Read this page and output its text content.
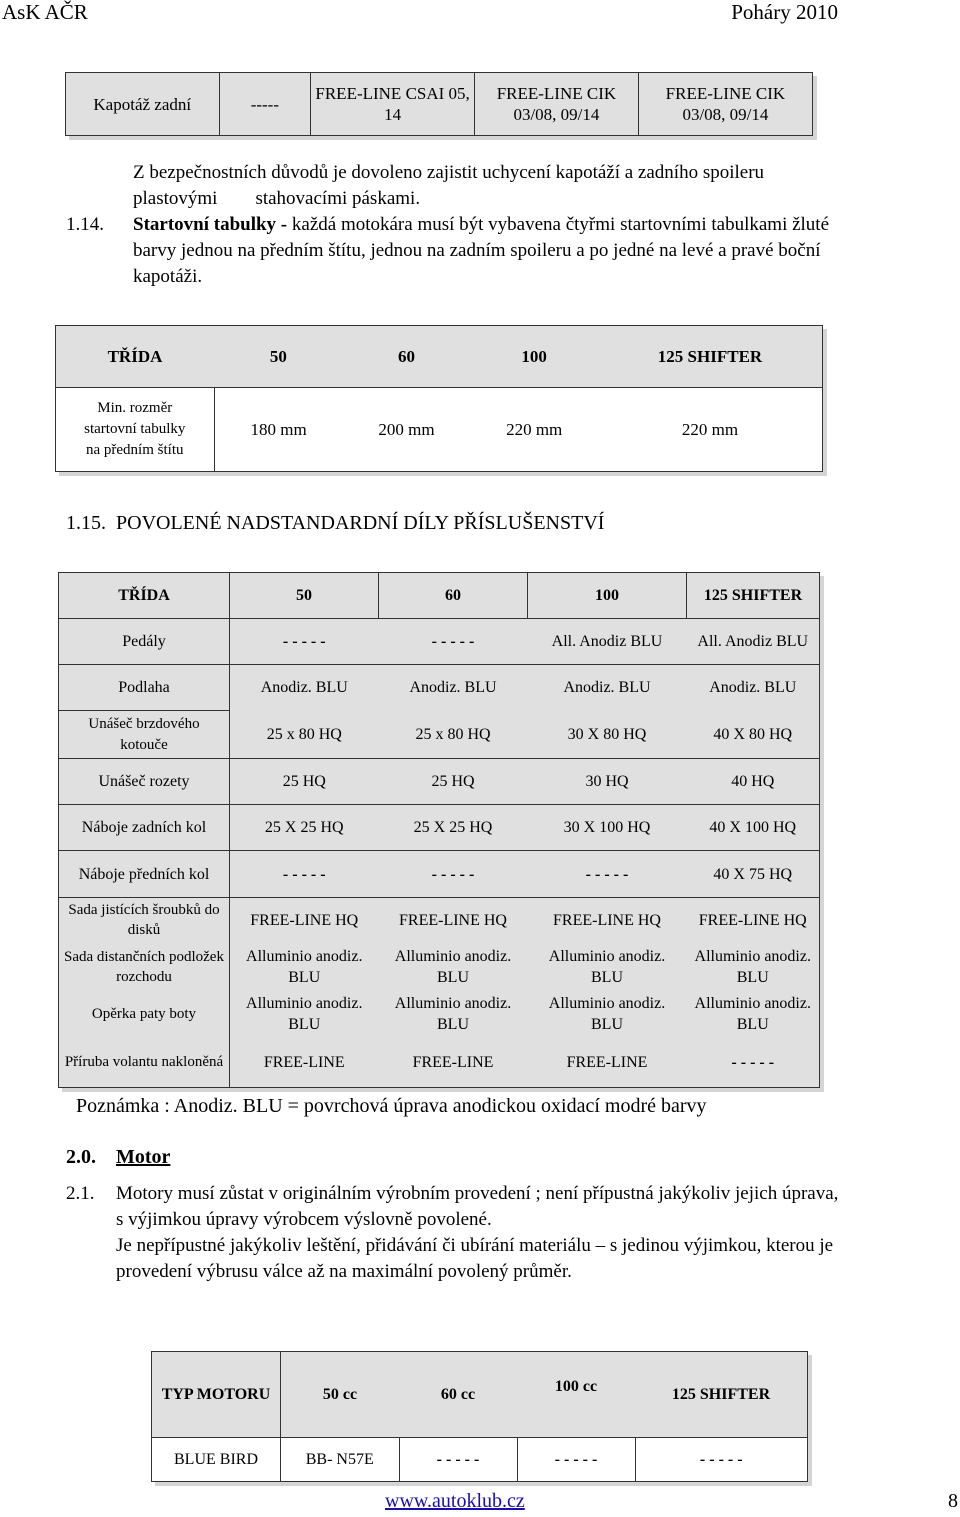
AsK AČR	Poháry 2010
Kapotáž zadní	-----	FREE-LINE CSAI 05, 14	FREE-LINE CIK 03/08, 09/14	FREE-LINE CIK 03/08, 09/14
Z bezpečnostních důvodů je dovoleno zajistit uchycení kapotáží a zadního spoileru
plastovými        stahovacími páskami.
1.14. Startovní tabulky - každá motokára musí být vybavena čtyřmi startovními tabulkami žluté
barvy jednou na předním štítu, jednou na zadním spoileru a po jedné na levé a pravé boční
kapotáži.
TŘÍDA	50	60	100	125 SHIFTER

Min. rozměr
startovní tabulky
na předním štítu	180 mm	200 mm	220 mm	220 mm
1.15.  POVOLENÉ NADSTANDARDNÍ DÍLY PŘÍSLUŠENSTVÍ
TŘÍDA	50	60	100	125 SHIFTER
Pedály	- - - - -	- - - - -	All. Anodiz BLU	All. Anodiz BLU
Podlaha	Anodiz. BLU	Anodiz. BLU	Anodiz. BLU	Anodiz. BLU
Unášeč brzdového kotouče	25 x 80 HQ	25 x 80 HQ	30 X 80 HQ	40 X 80 HQ
Unášeč rozety	25 HQ	25 HQ	30 HQ	40 HQ
Náboje zadních kol	25 X 25 HQ	25 X 25 HQ	30 X 100 HQ	40 X 100 HQ
Náboje předních kol	- - - - -	- - - - -	- - - - -	40 X 75 HQ
Sada jistících šroubků do disků	FREE-LINE HQ	FREE-LINE HQ	FREE-LINE HQ	FREE-LINE HQ
Sada distančních podložek rozchodu	Alluminio anodiz. BLU	Alluminio anodiz. BLU	Alluminio anodiz. BLU	Alluminio anodiz. BLU
Opěrka paty boty	Alluminio anodiz. BLU	Alluminio anodiz. BLU	Alluminio anodiz. BLU	Alluminio anodiz. BLU
Příruba volantu nakloněná	FREE-LINE	FREE-LINE	FREE-LINE	- - - - -
Poznámka : Anodiz. BLU = povrchová úprava anodickou oxidací modré barvy
2.0. Motor
2.1. Motory musí zůstat v originálním výrobním provedení ; není přípustná jakýkoliv jejich úprava,
s výjimkou úpravy výrobcem výslovně povolené.
Je nepřípustné jakýkoliv leštění, přidávání či ubírání materiálu – s jedinou výjimkou, kterou je
provedení výbrusu válce až na maximální povolený průměr.
TYP MOTORU	50 cc	60 cc	100 cc	125 SHIFTER
BLUE BIRD	BB- N57E	- - - - -	- - - - -	- - - - -
www.autoklub.cz	8
